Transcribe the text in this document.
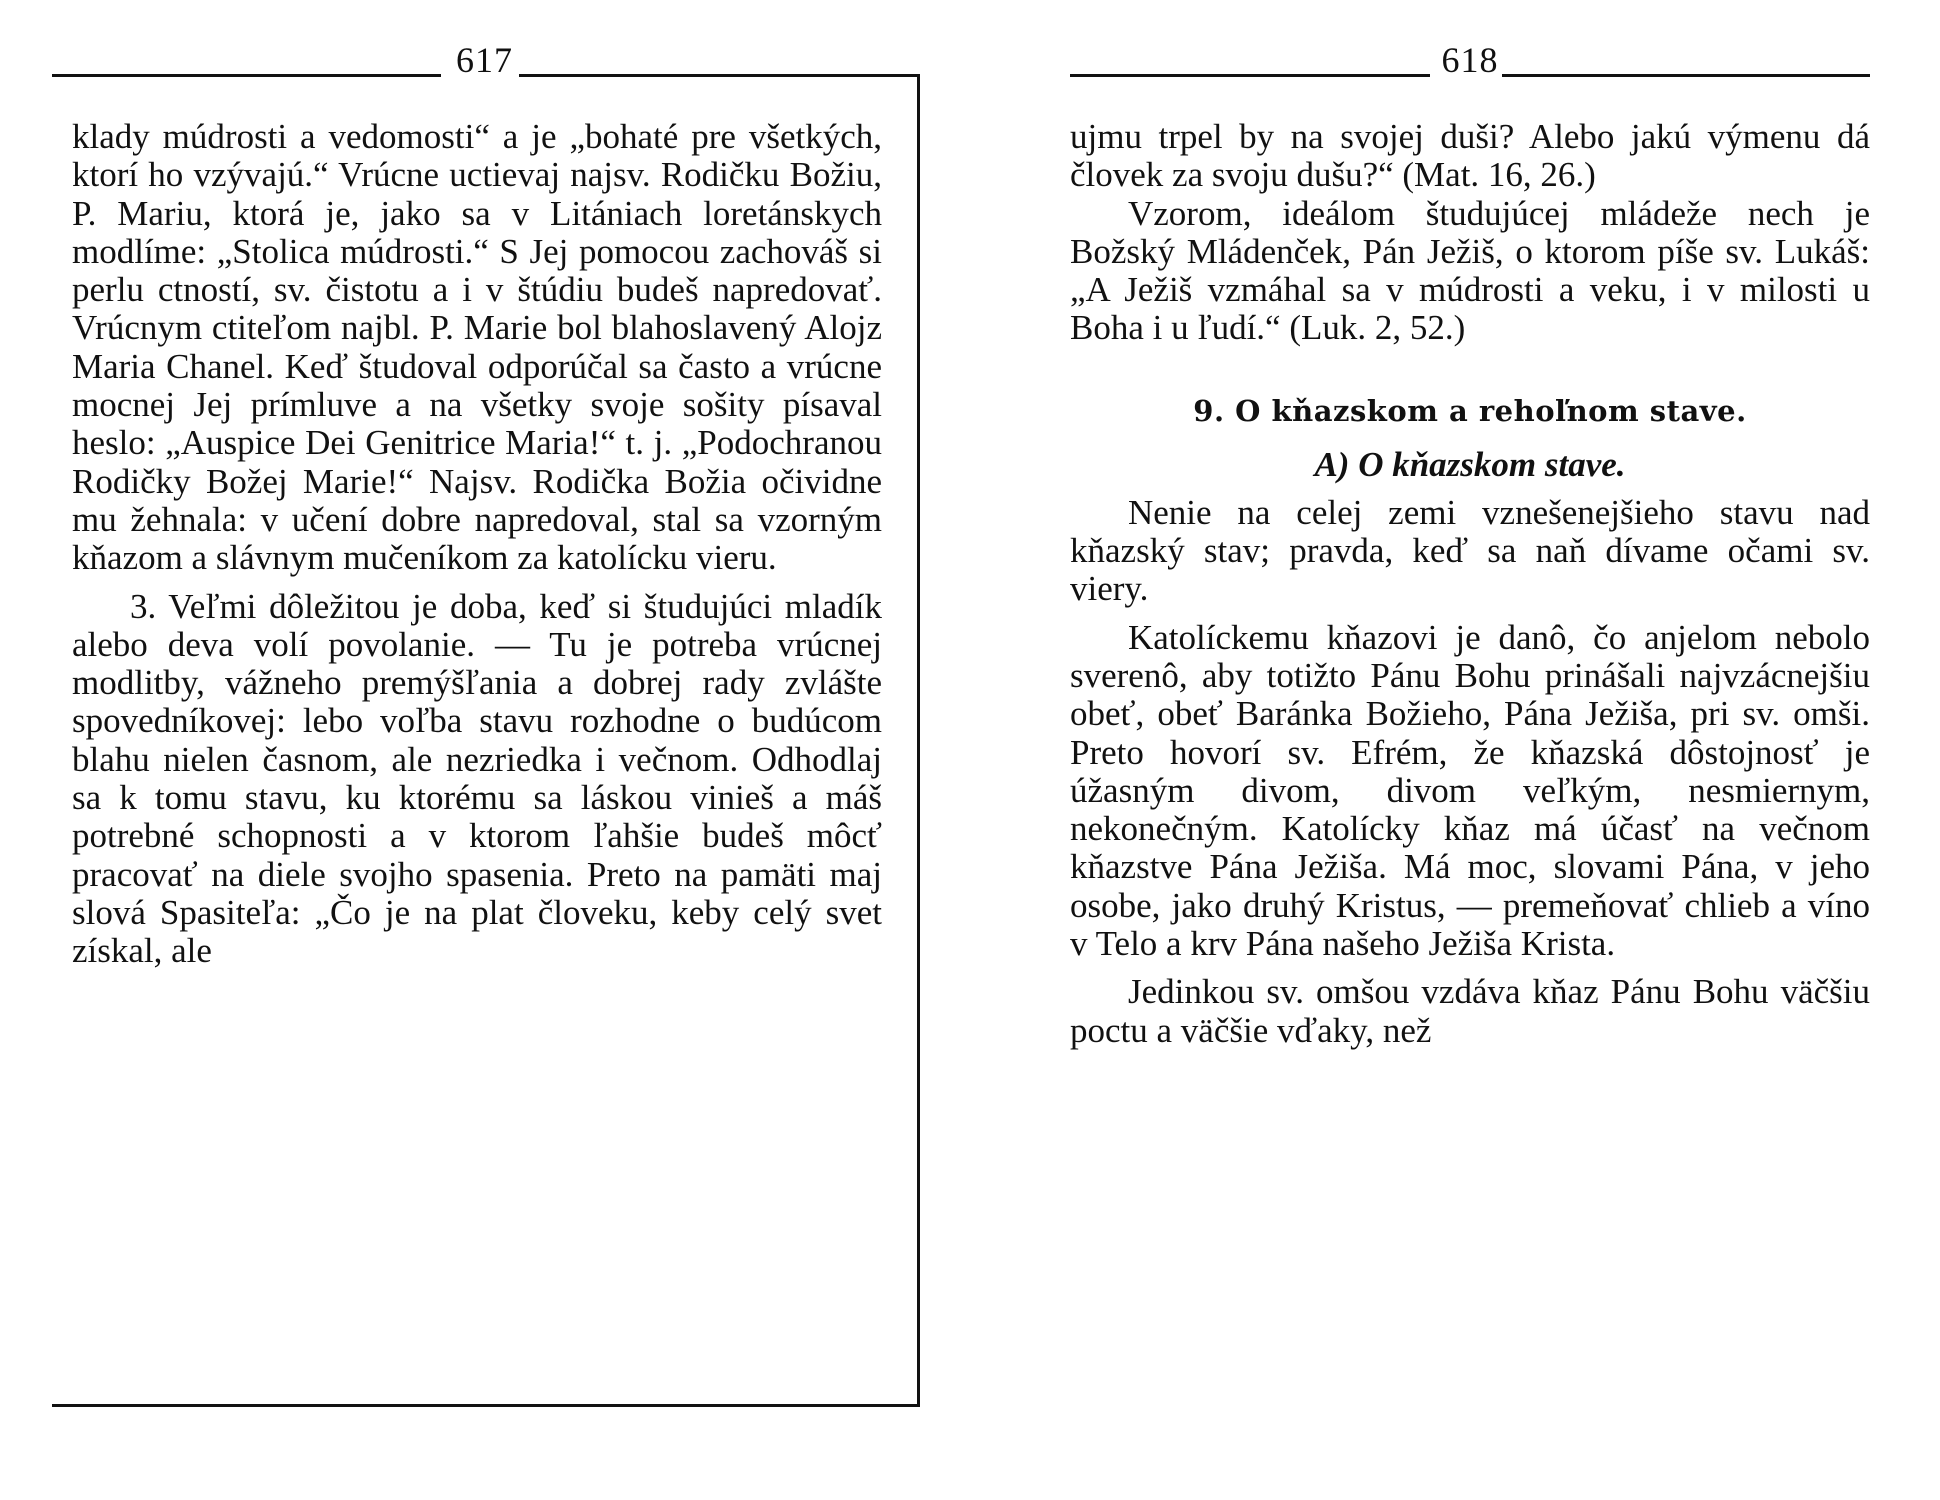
617

klady múdrosti a vedomosti“ a je „bohaté pre všetkých, ktorí ho vzývajú.“ Vrúcne uctievaj najsv. Rodičku Božiu, P. Mariu, ktorá je, jako sa v Litániach loretánskych modlíme: „Stolica múdrosti.“ S Jej pomocou zachováš si perlu ctností, sv. čistotu a i v štúdiu budeš napredovať. Vrúcnym ctiteľom najbl. P. Marie bol blahoslavený Alojz Maria Chanel. Keď študoval odporúčal sa často a vrúcne mocnej Jej prímluve a na všetky svoje sošity písaval heslo: „Auspice Dei Genitrice Maria!“ t. j. „Podochranou Rodičky Božej Marie!“ Najsv. Rodička Božia očividne mu žehnala: v učení dobre napredoval, stal sa vzorným kňazom a slávnym mučeníkom za katolícku vieru.

3. Veľmi dôležitou je doba, keď si študujúci mladík alebo deva volí povolanie. — Tu je potreba vrúcnej modlitby, vážneho premýšľania a dobrej rady zvlášte spovedníkovej: lebo voľba stavu rozhodne o budúcom blahu nielen časnom, ale nezriedka i večnom. Odhodlaj sa k tomu stavu, ku ktorému sa láskou vinieš a máš potrebné schopnosti a v ktorom ľahšie budeš môcť pracovať na diele svojho spasenia. Preto na pamäti maj slová Spasiteľa: „Čo je na plat človeku, keby celý svet získal, ale

618

ujmu trpel by na svojej duši? Alebo jakú výmenu dá človek za svoju dušu?“ (Mat. 16, 26.)

Vzorom, ideálom študujúcej mládeže nech je Božský Mládenček, Pán Ježiš, o ktorom píše sv. Lukáš: „A Ježiš vzmáhal sa v múdrosti a veku, i v milosti u Boha i u ľudí.“ (Luk. 2, 52.)

9. O kňazskom a rehoľnom stave.
A) O kňazskom stave.

Nenie na celej zemi vznešenejšieho stavu nad kňazský stav; pravda, keď sa naň dívame očami sv. viery.

Katolíckemu kňazovi je danô, čo anjelom nebolo sverenô, aby totižto Pánu Bohu prinášali najvzácnejšiu obeť, obeť Baránka Božieho, Pána Ježiša, pri sv. omši. Preto hovorí sv. Efrém, že kňazská dôstojnosť je úžasným divom, divom veľkým, nesmiernym, nekonečným. Katolícky kňaz má účasť na večnom kňazstve Pána Ježiša. Má moc, slovami Pána, v jeho osobe, jako druhý Kristus, — premeňovať chlieb a víno v Telo a krv Pána našeho Ježiša Krista.

Jedinkou sv. omšou vzdáva kňaz Pánu Bohu väčšiu poctu a väčšie vďaky, než
